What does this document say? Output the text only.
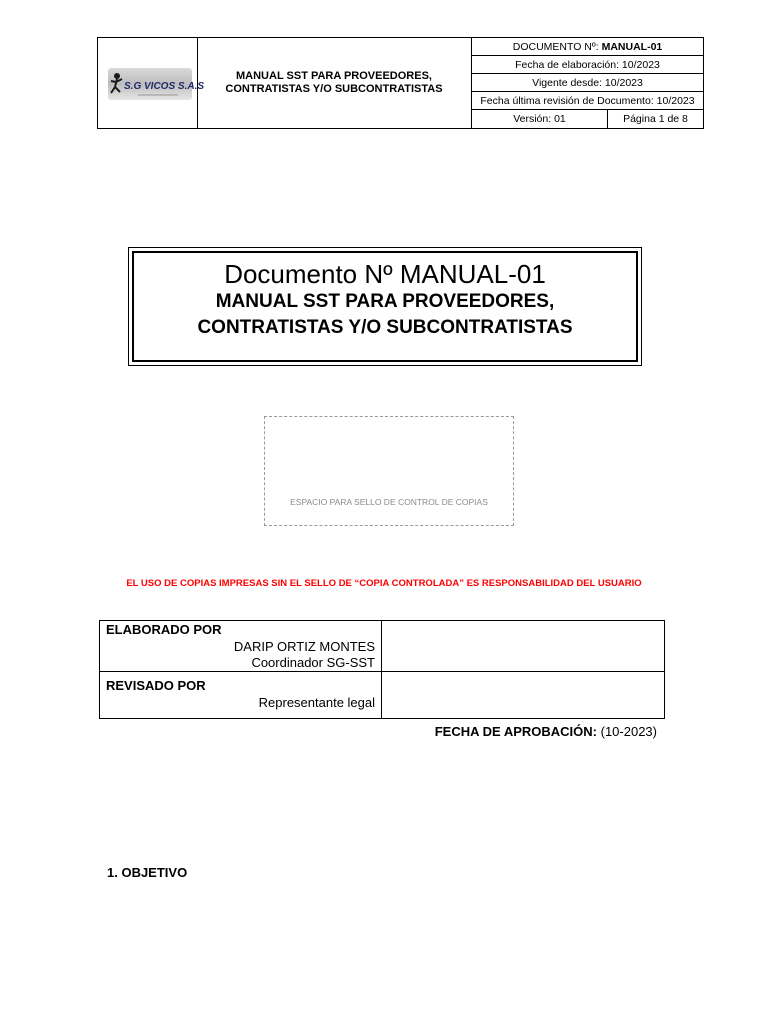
S.G VICOS S.A.S
MANUAL SST PARA PROVEEDORES,
CONTRATISTAS Y/O SUBCONTRATISTAS
DOCUMENTO Nº: MANUAL-01
Fecha de elaboración: 10/2023
Vigente desde: 10/2023
Fecha última revisión de Documento: 10/2023
Versión: 01	Página 1 de 8
Documento Nº MANUAL-01
MANUAL SST PARA PROVEEDORES,
CONTRATISTAS Y/O SUBCONTRATISTAS
ESPACIO PARA SELLO DE CONTROL DE COPIAS
EL USO DE COPIAS IMPRESAS SIN EL SELLO DE “COPIA CONTROLADA” ES RESPONSABILIDAD DEL USUARIO
ELABORADO POR
DARIP ORTIZ MONTES
Coordinador SG-SST
REVISADO POR
Representante legal
FECHA DE APROBACIÓN: (10-2023)
1. OBJETIVO
